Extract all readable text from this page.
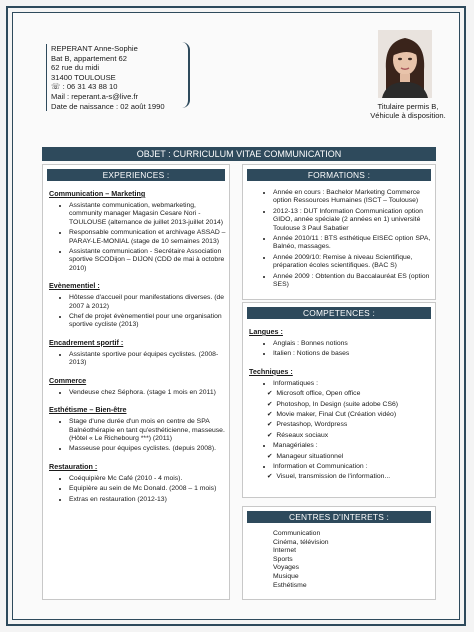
REPERANT Anne-Sophie
Bat B, appartement 62
62 rue du midi
31400 TOULOUSE
☏ : 06 31 43 88 10
Mail : reperant.a-s@live.fr
Date de naissance : 02 août 1990	Titulaire permis B,
Véhicule à disposition.
OBJET : CURRICULUM VITAE COMMUNICATION
EXPERIENCES :
Communication – Marketing
• Assistante communication, webmarketing, community manager Magasin Cesare Nori - TOULOUSE (alternance de juillet 2013-juillet 2014)
• Responsable communication et archivage ASSAD – PARAY-LE-MONIAL (stage de 10 semaines 2013)
• Assistante communication - Secrétaire Association sportive SCODijon – DIJON (CDD de mai à octobre 2010)
Evènementiel :
• Hôtesse d'accueil pour manifestations diverses. (de 2007 à 2012)
• Chef de projet évènementiel pour une organisation sportive cycliste (2013)
Encadrement sportif :
• Assistante sportive pour équipes cyclistes. (2008-2013)
Commerce
• Vendeuse chez Séphora. (stage 1 mois en 2011)
Esthétisme – Bien-être
• Stage d'une durée d'un mois en centre de SPA Balnéothérapie en tant qu'esthéticienne, masseuse. (Hôtel « Le Richebourg ***) (2011)
• Masseuse pour équipes cyclistes. (depuis 2008).
Restauration :
• Coéquipière Mc Café (2010 - 4 mois).
• Equipière au sein de Mc Donald. (2008 – 1 mois)
• Extras en restauration (2012-13)
FORMATIONS :
• Année en cours : Bachelor Marketing Commerce option Ressources Humaines (ISCT – Toulouse)
• 2012-13 : DUT Information Communication option GIDO, année spéciale (2 années en 1) université Toulouse 3 Paul Sabatier
• Année 2010/11 : BTS esthétique EISEC option SPA, Balnéo, massages.
• Année 2009/10: Remise à niveau Scientifique, préparation écoles scientifiques. (BAC S)
• Année 2009 : Obtention du Baccalauréat ES (option SES)
COMPETENCES :
Langues :
• Anglais : Bonnes notions
• Italien : Notions de bases
Techniques :
• Informatiques :
✔ Microsoft office, Open office
✔ Photoshop, In Design (suite adobe CS6)
✔ Movie maker, Final Cut (Création vidéo)
✔ Prestashop, Wordpress
✔ Réseaux sociaux
• Managériales :
✔ Manageur situationnel
• Information et Communication :
✔ Visuel, transmission de l'information...
CENTRES D'INTERETS :
Communication
Cinéma, télévision
Internet
Sports
Voyages
Musique
Esthétisme
